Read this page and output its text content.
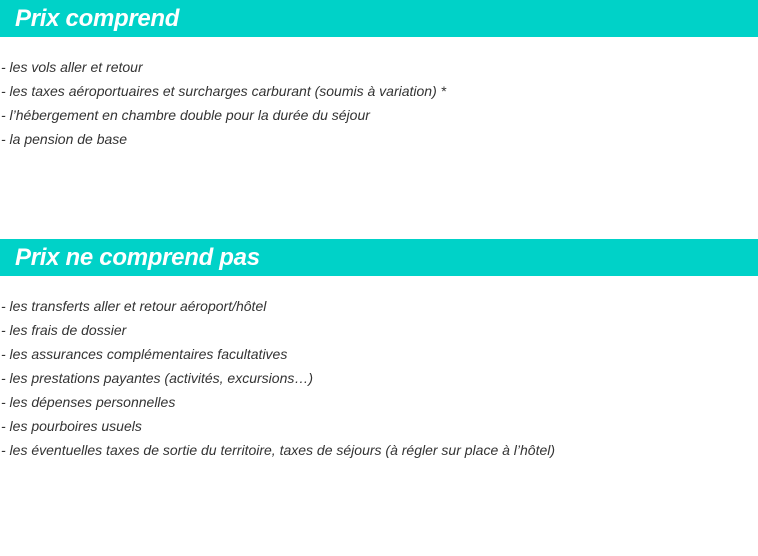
Prix comprend
- les vols aller et retour
- les taxes aéroportuaires et surcharges carburant (soumis à variation) *
- l’hébergement en chambre double pour la durée du séjour
- la pension de base
Prix ne comprend pas
- les transferts aller et retour aéroport/hôtel
- les frais de dossier
- les assurances complémentaires facultatives
- les prestations payantes (activités, excursions…)
- les dépenses personnelles
- les pourboires usuels
- les éventuelles taxes de sortie du territoire, taxes de séjours (à régler sur place à l’hôtel)
